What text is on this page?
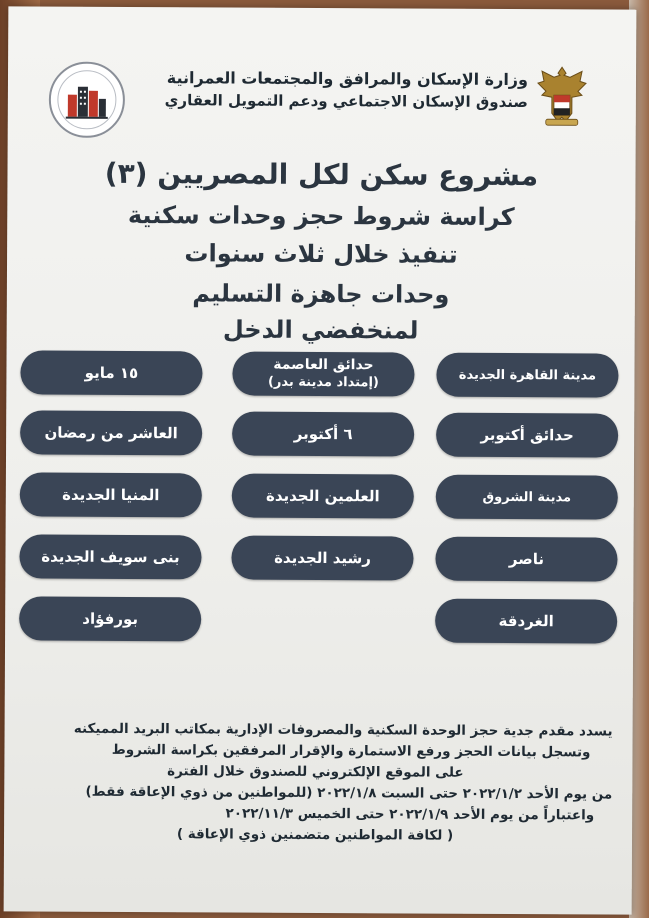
وزارة الإسكان والمرافق والمجتمعات العمرانية
صندوق الإسكان الاجتماعي ودعم التمويل العقاري
مشروع سكن لكل المصريين (٣)
كراسة شروط حجز وحدات سكنية
تنفيذ خلال ثلاث سنوات
وحدات جاهزة التسليم
لمنخفضي الدخل
مدينة القاهرة الجديدة
حدائق أكتوبر
مدينة الشروق
ناصر
الغردقة
حدائق العاصمة
(إمتداد مدينة بدر)
٦ أكتوبر
العلمين الجديدة
رشيد الجديدة
١٥ مايو
العاشر من رمضان
المنيا الجديدة
بنى سويف الجديدة
بورفؤاد

يسدد مقدم جدية حجز الوحدة السكنية والمصروفات الإدارية بمكاتب البريد المميكنه

وتسجل بيانات الحجز ورفع الاستمارة والإقرار المرفقين بكراسة الشروط

على الموقع الإلكتروني للصندوق خلال الفترة

من يوم الأحد ٢٠٢٢/١/٢ حتى السبت ٢٠٢٢/١/٨ (للمواطنين من ذوي الإعاقة فقط)

واعتباراً من يوم الأحد ٢٠٢٢/١/٩ حتى الخميس ٢٠٢٢/١١/٣

( لكافة المواطنين متضمنين ذوي الإعاقة )
